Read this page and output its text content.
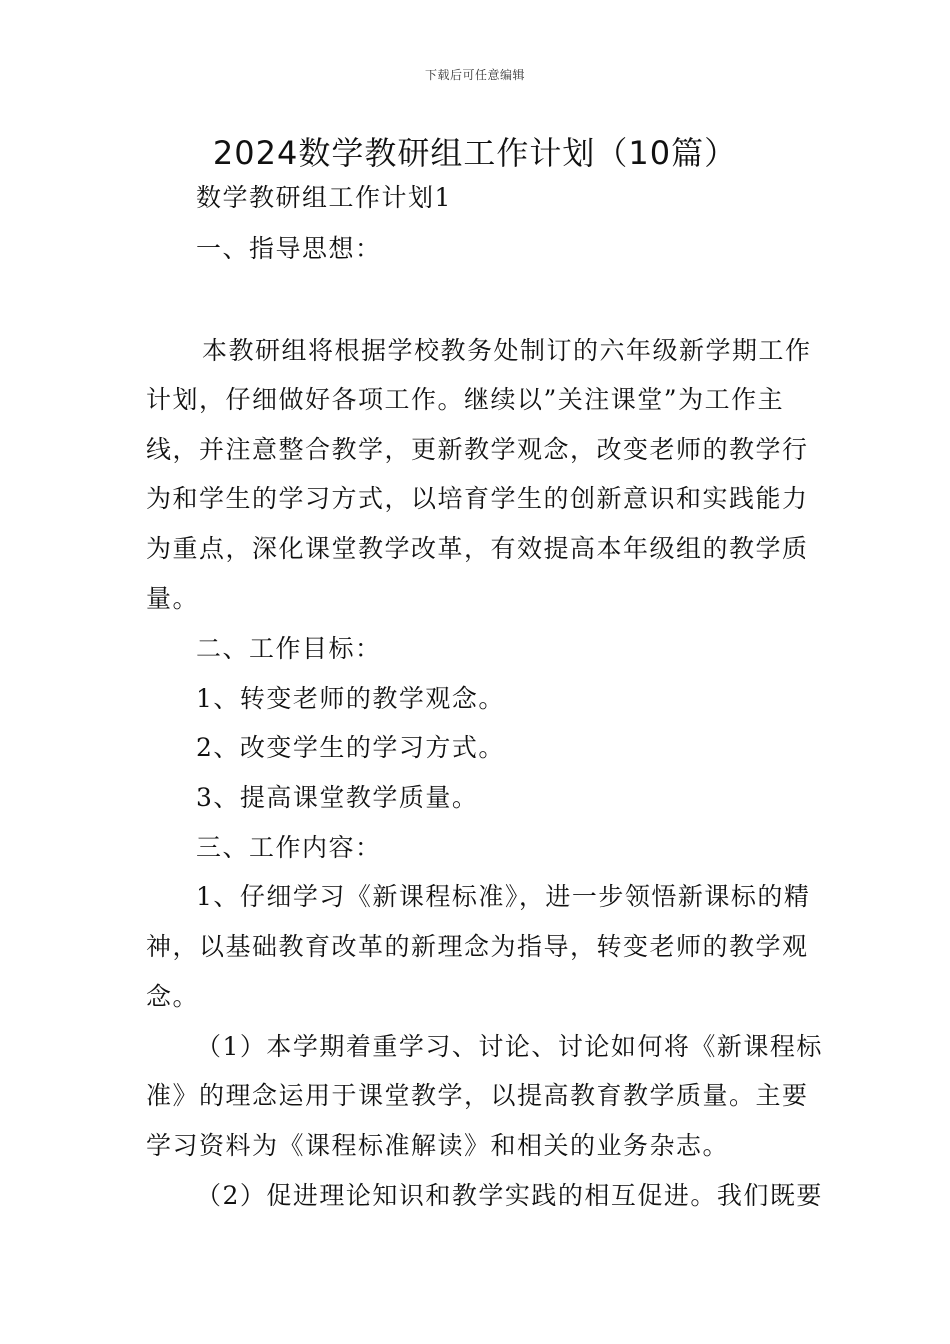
下载后可任意编辑
2024数学教研组工作计划（10篇）
数学教研组工作计划1
一、指导思想：
本教研组将根据学校教务处制订的六年级新学期工作
计划，仔细做好各项工作。继续以”关注课堂”为工作主
线，并注意整合教学，更新教学观念，改变老师的教学行
为和学生的学习方式，以培育学生的创新意识和实践能力
为重点，深化课堂教学改革，有效提高本年级组的教学质
量。
二、工作目标：
1、转变老师的教学观念。
2、改变学生的学习方式。
3、提高课堂教学质量。
三、工作内容：
1、仔细学习《新课程标准》，进一步领悟新课标的精
神，以基础教育改革的新理念为指导，转变老师的教学观
念。
（1）本学期着重学习、讨论、讨论如何将《新课程标
准》的理念运用于课堂教学，以提高教育教学质量。主要
学习资料为《课程标准解读》和相关的业务杂志。
（2）促进理论知识和教学实践的相互促进。我们既要
